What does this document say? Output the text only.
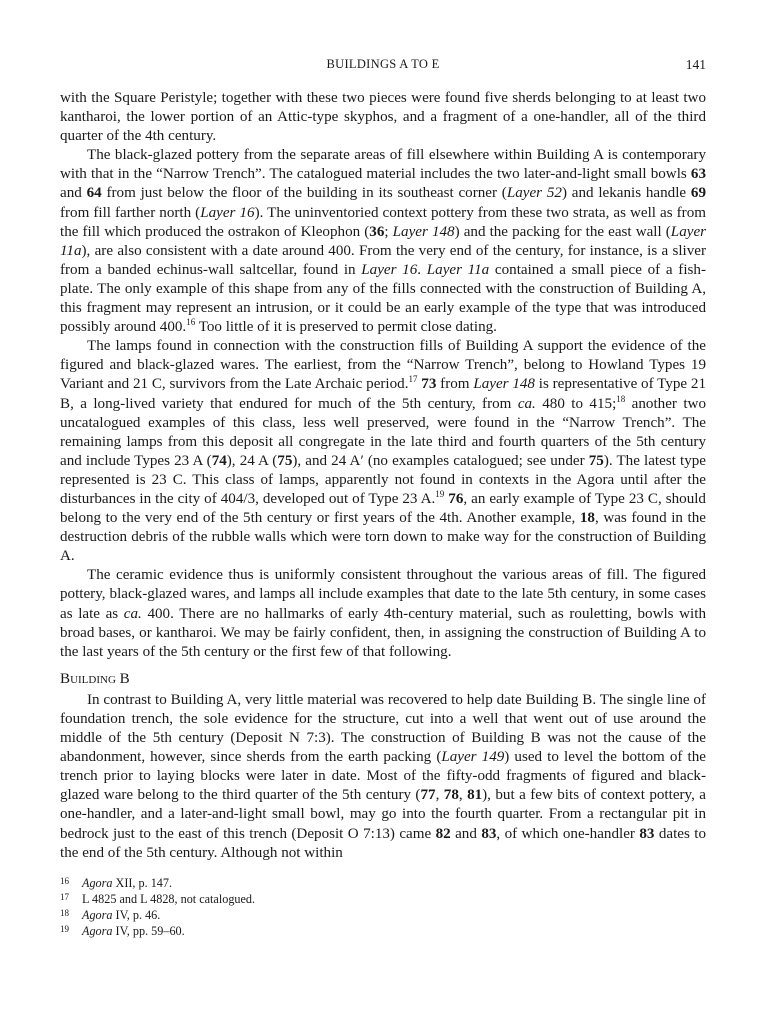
BUILDINGS A TO E	141

with the Square Peristyle; together with these two pieces were found five sherds belonging to at least two kantharoi, the lower portion of an Attic-type skyphos, and a fragment of a one-handler, all of the third quarter of the 4th century.

The black-glazed pottery from the separate areas of fill elsewhere within Building A is contemporary with that in the “Narrow Trench”. The catalogued material includes the two later-and-light small bowls 63 and 64 from just below the floor of the building in its southeast corner (Layer 52) and lekanis handle 69 from fill farther north (Layer 16). The uninventoried context pottery from these two strata, as well as from the fill which produced the ostrakon of Kleophon (36; Layer 148) and the packing for the east wall (Layer 11a), are also consistent with a date around 400. From the very end of the century, for instance, is a sliver from a banded echinus-wall saltcellar, found in Layer 16. Layer 11a contained a small piece of a fish-plate. The only example of this shape from any of the fills connected with the construction of Building A, this fragment may represent an intrusion, or it could be an early example of the type that was introduced possibly around 400.16 Too little of it is preserved to permit close dating.

The lamps found in connection with the construction fills of Building A support the evidence of the figured and black-glazed wares. The earliest, from the “Narrow Trench”, belong to Howland Types 19 Variant and 21 C, survivors from the Late Archaic period.$^{17}$ 73 from Layer 148 is representative of Type 21 B, a long-lived variety that endured for much of the 5th century, from ca. 480 to 415;$^{18}$ another two uncatalogued examples of this class, less well preserved, were found in the “Narrow Trench”. The remaining lamps from this deposit all congregate in the late third and fourth quarters of the 5th century and include Types 23 A (74), 24 A (75), and 24 A′ (no examples catalogued; see under 75). The latest type represented is 23 C. This class of lamps, apparently not found in contexts in the Agora until after the disturbances in the city of 404/3, developed out of Type 23 A.$^{19}$ 76, an early example of Type 23 C, should belong to the very end of the 5th century or first years of the 4th. Another example, 18, was found in the destruction debris of the rubble walls which were torn down to make way for the construction of Building A.

The ceramic evidence thus is uniformly consistent throughout the various areas of fill. The figured pottery, black-glazed wares, and lamps all include examples that date to the late 5th century, in some cases as late as ca. 400. There are no hallmarks of early 4th-century material, such as rouletting, bowls with broad bases, or kantharoi. We may be fairly confident, then, in assigning the construction of Building A to the last years of the 5th century or the first few of that following.

Building B

In contrast to Building A, very little material was recovered to help date Building B. The single line of foundation trench, the sole evidence for the structure, cut into a well that went out of use around the middle of the 5th century (Deposit N 7:3). The construction of Building B was not the cause of the abandonment, however, since sherds from the earth packing (Layer 149) used to level the bottom of the trench prior to laying blocks were later in date. Most of the fifty-odd fragments of figured and black-glazed ware belong to the third quarter of the 5th century (77, 78, 81), but a few bits of context pottery, a one-handler, and a later-and-light small bowl, may go into the fourth quarter. From a rectangular pit in bedrock just to the east of this trench (Deposit O 7:13) came 82 and 83, of which one-handler 83 dates to the end of the 5th century. Although not within

16 Agora XII, p. 147.
17 L 4825 and L 4828, not catalogued.
18 Agora IV, p. 46.
19 Agora IV, pp. 59–60.
